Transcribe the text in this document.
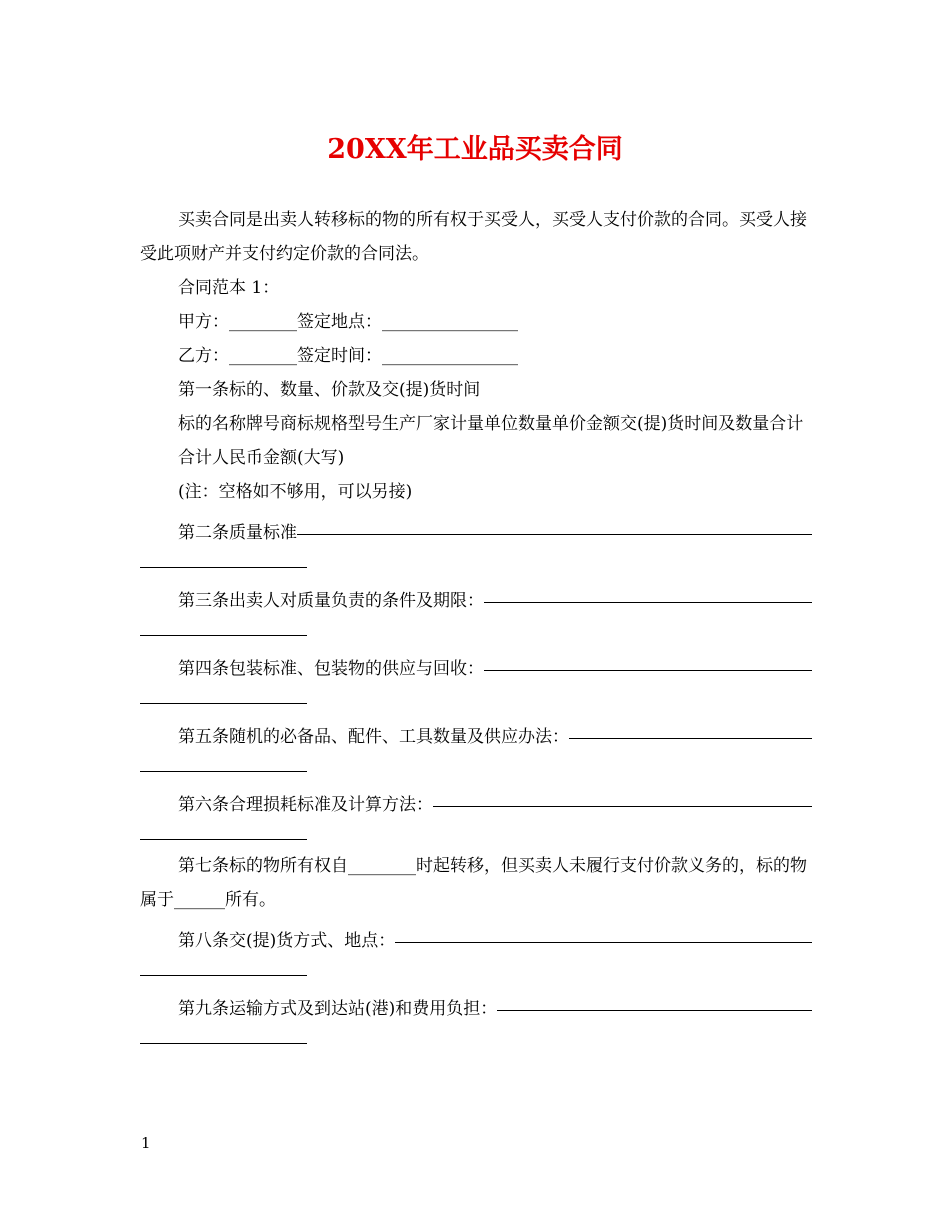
20XX年工业品买卖合同

买卖合同是出卖人转移标的物的所有权于买受人，买受人支付价款的合同。买受人接受此项财产并支付约定价款的合同法。

合同范本 1：

甲方：________签定地点：________________

乙方：________签定时间：________________

第一条标的、数量、价款及交(提)货时间

标的名称牌号商标规格型号生产厂家计量单位数量单价金额交(提)货时间及数量合计

合计人民币金额(大写)

(注：空格如不够用，可以另接)

第二条质量标准
第三条出卖人对质量负责的条件及期限：
第四条包装标准、包装物的供应与回收：
第五条随机的必备品、配件、工具数量及供应办法：
第六条合理损耗标准及计算方法：

第七条标的物所有权自________时起转移，但买卖人未履行支付价款义务的，标的物属于______所有。

第八条交(提)货方式、地点：
第九条运输方式及到达站(港)和费用负担：
1
